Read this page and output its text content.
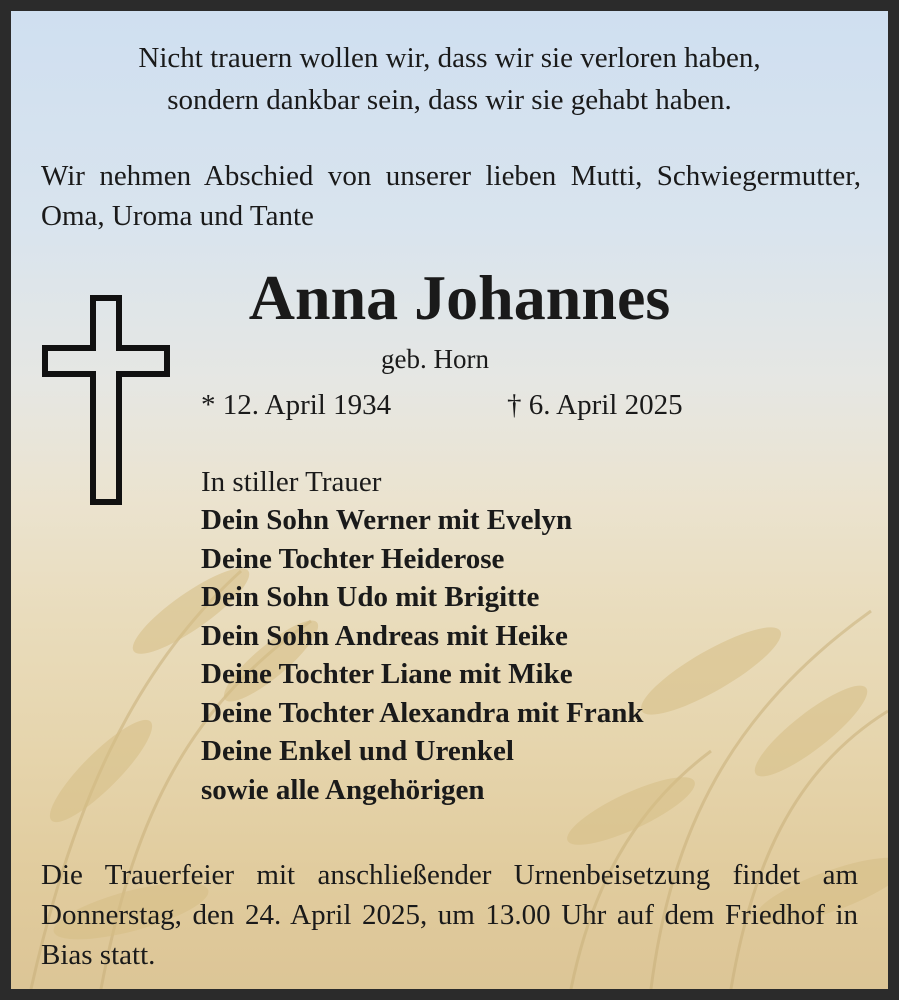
Nicht trauern wollen wir, dass wir sie verloren haben,
sondern dankbar sein, dass wir sie gehabt haben.
Wir nehmen Abschied von unserer lieben Mutti, Schwiegermutter, Oma, Uroma und Tante
Anna Johannes
geb. Horn
* 12. April 1934	† 6. April 2025
In stiller Trauer
Dein Sohn Werner mit Evelyn
Deine Tochter Heiderose
Dein Sohn Udo mit Brigitte
Dein Sohn Andreas mit Heike
Deine Tochter Liane mit Mike
Deine Tochter Alexandra mit Frank
Deine Enkel und Urenkel
sowie alle Angehörigen
Die Trauerfeier mit anschließender Urnenbeisetzung findet am Donnerstag, den 24. April 2025, um 13.00 Uhr auf dem Friedhof in Bias statt.
